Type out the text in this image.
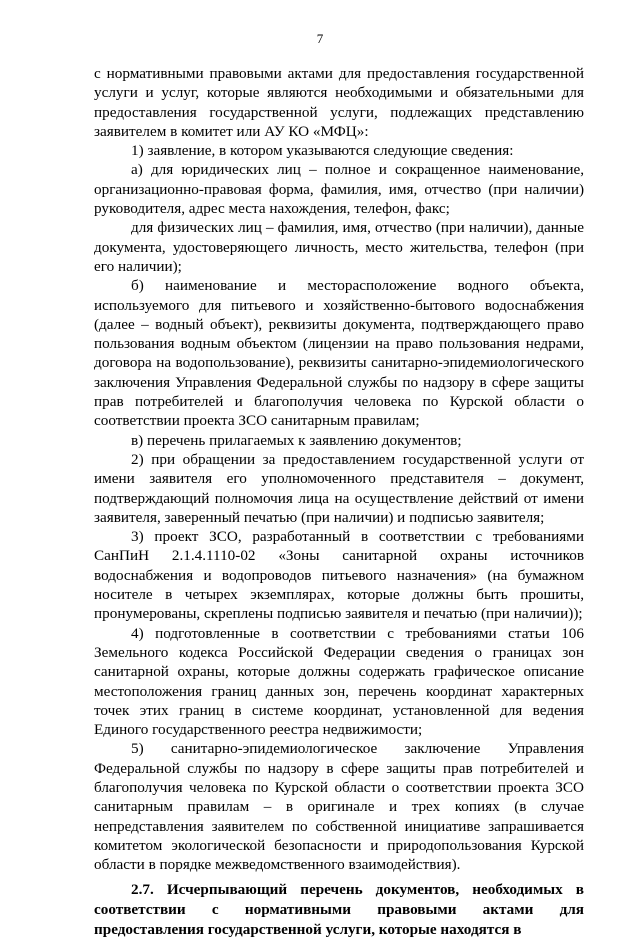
7

с нормативными правовыми актами для предоставления государственной услуги и услуг, которые являются необходимыми и обязательными для предоставления государственной услуги, подлежащих представлению заявителем в комитет или АУ КО «МФЦ»:

1) заявление, в котором указываются следующие сведения:

а) для юридических лиц – полное и сокращенное наименование, организационно-правовая форма, фамилия, имя, отчество (при наличии) руководителя, адрес места нахождения, телефон, факс;

для физических лиц – фамилия, имя, отчество (при наличии), данные документа, удостоверяющего личность, место жительства, телефон (при его наличии);

б) наименование и месторасположение водного объекта, используемого для питьевого и хозяйственно-бытового водоснабжения (далее – водный объект), реквизиты документа, подтверждающего право пользования водным объектом (лицензии на право пользования недрами, договора на водопользование), реквизиты санитарно-эпидемиологического заключения Управления Федеральной службы по надзору в сфере защиты прав потребителей и благополучия человека по Курской области о соответствии проекта ЗСО санитарным правилам;

в) перечень прилагаемых к заявлению документов;

2) при обращении за предоставлением государственной услуги от имени заявителя его уполномоченного представителя – документ, подтверждающий полномочия лица на осуществление действий от имени заявителя, заверенный печатью (при наличии) и подписью заявителя;

3) проект ЗСО, разработанный в соответствии с требованиями СанПиН 2.1.4.1110-02 «Зоны санитарной охраны источников водоснабжения и водопроводов питьевого назначения» (на бумажном носителе в четырех экземплярах, которые должны быть прошиты, пронумерованы, скреплены подписью заявителя и печатью (при наличии));

4) подготовленные в соответствии с требованиями статьи 106 Земельного кодекса Российской Федерации сведения о границах зон санитарной охраны, которые должны содержать графическое описание местоположения границ данных зон, перечень координат характерных точек этих границ в системе координат, установленной для ведения Единого государственного реестра недвижимости;

5) санитарно-эпидемиологическое заключение Управления Федеральной службы по надзору в сфере защиты прав потребителей и благополучия человека по Курской области о соответствии проекта ЗСО санитарным правилам – в оригинале и трех копиях (в случае непредставления заявителем по собственной инициативе запрашивается комитетом экологической безопасности и природопользования Курской области в порядке межведомственного взаимодействия).

2.7. Исчерпывающий перечень документов, необходимых в соответствии с нормативными правовыми актами для предоставления государственной услуги, которые находятся в
